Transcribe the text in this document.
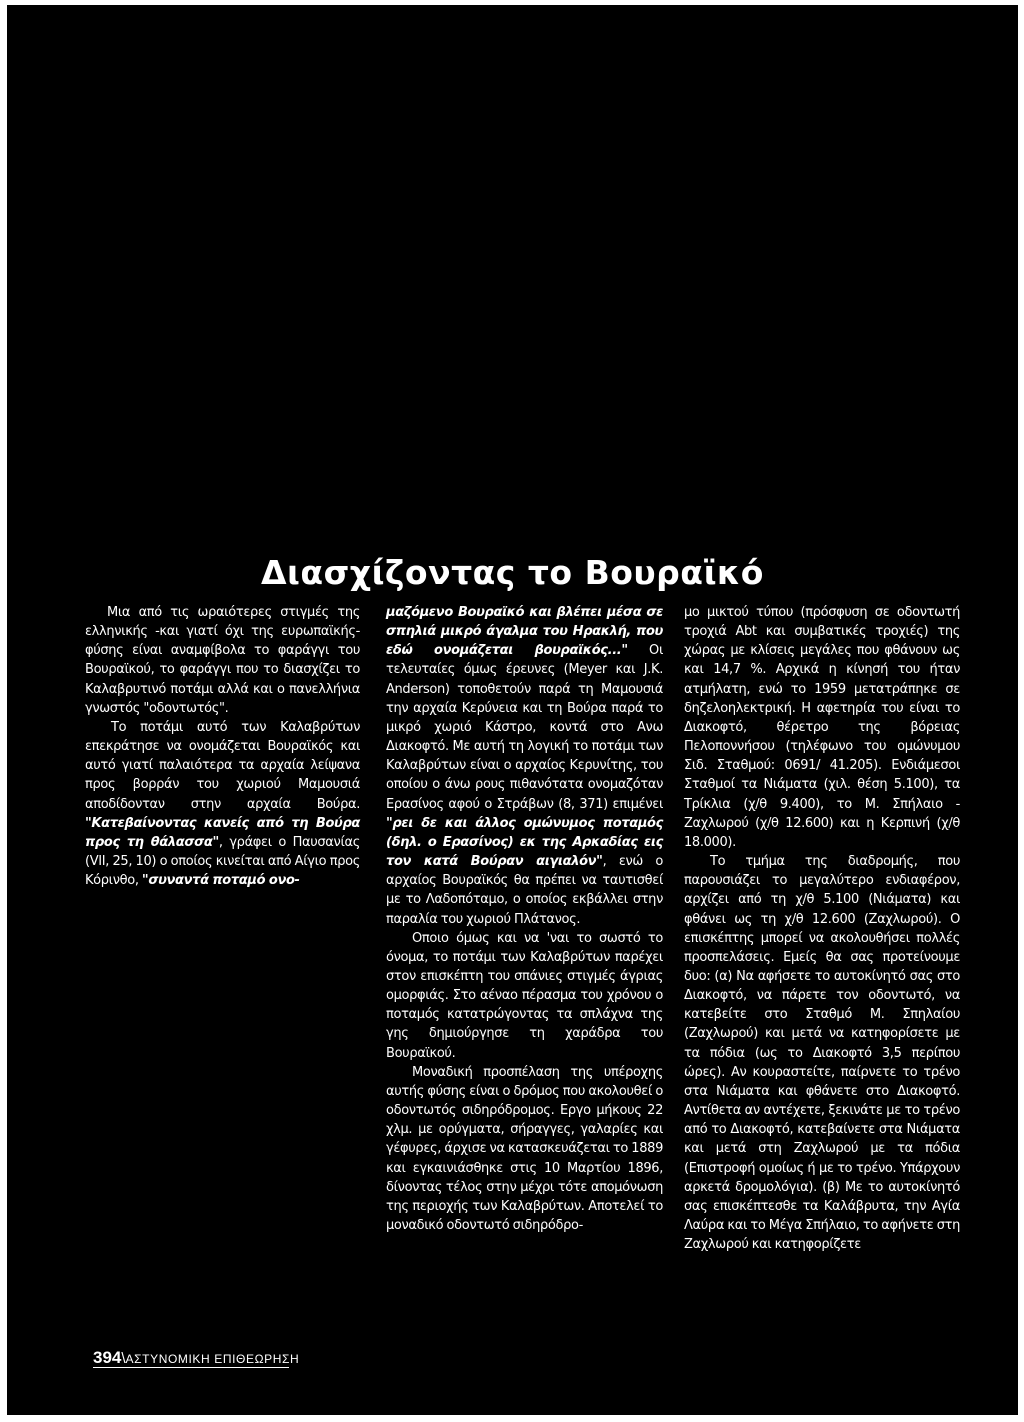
Διασχίζοντας το Βουραϊκό

Μια από τις ωραιότερες στιγμές της ελληνικής -και γιατί όχι της ευρωπαϊκής- φύσης είναι αναμφίβολα το φαράγγι του Βουραϊκού, το φαράγγι που το διασχίζει το Καλαβρυτινό ποτάμι αλλά και ο πανελλήνια γνωστός "οδοντωτός".

Το ποτάμι αυτό των Καλαβρύτων επεκράτησε να ονομάζεται Βουραϊκός και αυτό γιατί παλαιότερα τα αρχαία λείψανα προς βορράν του χωριού Μαμουσιά αποδίδονταν στην αρχαία Βούρα. "Κατεβαίνοντας κανείς από τη Βούρα προς τη θάλασσα", γράφει ο Παυσανίας (VII, 25, 10) ο οποίος κινείται από Αίγιο προς Κόρινθο, "συναντά ποταμό ονο-

μαζόμενο Βουραϊκό και βλέπει μέσα σε σπηλιά μικρό άγαλμα του Ηρακλή, που εδώ ονομάζεται βουραϊκός..." Οι τελευταίες όμως έρευνες (Meyer και J.K. Anderson) τοποθετούν παρά τη Μαμουσιά την αρχαία Κερύνεια και τη Βούρα παρά το μικρό χωριό Κάστρο, κοντά στο Ανω Διακοφτό. Με αυτή τη λογική το ποτάμι των Καλαβρύτων είναι ο αρχαίος Κερυνίτης, του οποίου ο άνω ρους πιθανότατα ονομαζόταν Ερασίνος αφού ο Στράβων (8, 371) επιμένει "ρει δε και άλλος ομώνυμος ποταμός (δηλ. ο Ερασίνος) εκ της Αρκαδίας εις τον κατά Βούραν αιγιαλόν", ενώ ο αρχαίος Βουραϊκός θα πρέπει να ταυτισθεί με το Λαδοπόταμο, ο οποίος εκβάλλει στην παραλία του χωριού Πλάτανος.

Οποιο όμως και να 'ναι το σωστό το όνομα, το ποτάμι των Καλαβρύτων παρέχει στον επισκέπτη του σπάνιες στιγμές άγριας ομορφιάς. Στο αέναο πέρασμα του χρόνου ο ποταμός κατατρώγοντας τα σπλάχνα της γης δημιούργησε τη χαράδρα του Βουραϊκού.

Μοναδική προσπέλαση της υπέροχης αυτής φύσης είναι ο δρόμος που ακολουθεί ο οδοντωτός σιδηρόδρομος. Εργο μήκους 22 χλμ. με ορύγματα, σήραγγες, γαλαρίες και γέφυρες, άρχισε να κατασκευάζεται το 1889 και εγκαινιάσθηκε στις 10 Μαρτίου 1896, δίνοντας τέλος στην μέχρι τότε απομόνωση της περιοχής των Καλαβρύτων. Αποτελεί το μοναδικό οδοντωτό σιδηρόδρο-

μο μικτού τύπου (πρόσφυση σε οδοντωτή τροχιά Abt και συμβατικές τροχιές) της χώρας με κλίσεις μεγάλες που φθάνουν ως και 14,7 %. Αρχικά η κίνησή του ήταν ατμήλατη, ενώ το 1959 μετατράπηκε σε δηζελοηλεκτρική. Η αφετηρία του είναι το Διακοφτό, θέρετρο της βόρειας Πελοποννήσου (τηλέφωνο του ομώνυμου Σιδ. Σταθμού: 0691/ 41.205). Ενδιάμεσοι Σταθμοί τα Νιάματα (χιλ. θέση 5.100), τα Τρίκλια (χ/θ 9.400), το Μ. Σπήλαιο - Ζαχλωρού (χ/θ 12.600) και η Κερπινή (χ/θ 18.000).

Το τμήμα της διαδρομής, που παρουσιάζει το μεγαλύτερο ενδιαφέρον, αρχίζει από τη χ/θ 5.100 (Νιάματα) και φθάνει ως τη χ/θ 12.600 (Ζαχλωρού). Ο επισκέπτης μπορεί να ακολουθήσει πολλές προσπελάσεις. Εμείς θα σας προτείνουμε δυο: (α) Να αφήσετε το αυτοκίνητό σας στο Διακοφτό, να πάρετε τον οδοντωτό, να κατεβείτε στο Σταθμό Μ. Σπηλαίου (Ζαχλωρού) και μετά να κατηφορίσετε με τα πόδια (ως το Διακοφτό 3,5 περίπου ώρες). Αν κουραστείτε, παίρνετε το τρένο στα Νιάματα και φθάνετε στο Διακοφτό. Αντίθετα αν αντέχετε, ξεκινάτε με το τρένο από το Διακοφτό, κατεβαίνετε στα Νιάματα και μετά στη Ζαχλωρού με τα πόδια (Επιστροφή ομοίως ή με το τρένο. Υπάρχουν αρκετά δρομολόγια). (β) Με το αυτοκίνητό σας επισκέπτεσθε τα Καλάβρυτα, την Αγία Λαύρα και το Μέγα Σπήλαιο, το αφήνετε στη Ζαχλωρού και κατηφορίζετε

394\ΑΣΤΥΝΟΜΙΚΗ ΕΠΙΘΕΩΡΗΣΗ
